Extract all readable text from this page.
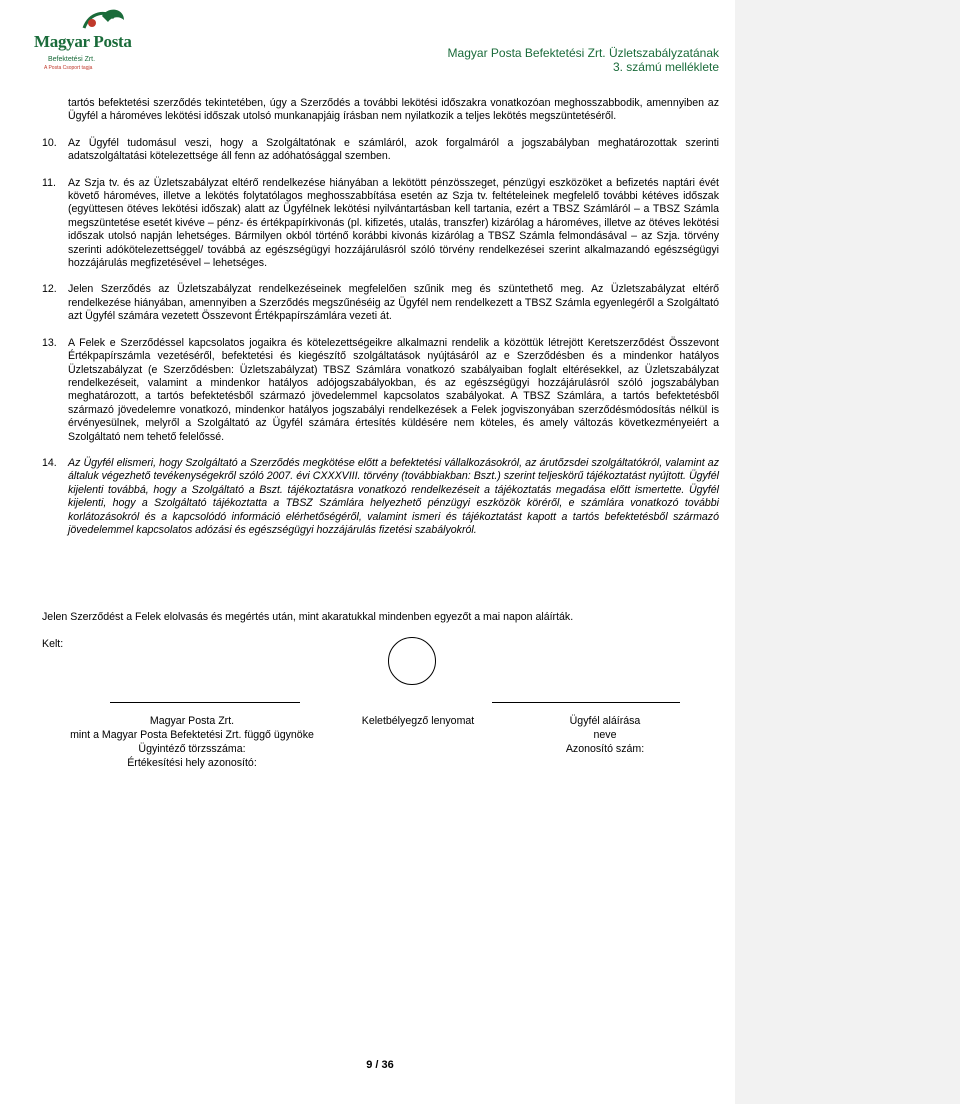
Magyar Posta
Befektetési Zrt.
A Posta Csoport tagja
Magyar Posta Befektetési Zrt. Üzletszabályzatának
3. számú melléklete

tartós befektetési szerződés tekintetében, úgy a Szerződés a további lekötési időszakra vonatkozóan meghosszabbodik, amennyiben az Ügyfél a hároméves lekötési időszak utolsó munkanapjáig írásban nem nyilatkozik a teljes lekötés megszüntetéséről.

10. Az Ügyfél tudomásul veszi, hogy a Szolgáltatónak e számláról, azok forgalmáról a jogszabályban meghatározottak szerinti adatszolgáltatási kötelezettsége áll fenn az adóhatósággal szemben.
11. Az Szja tv. és az Üzletszabályzat eltérő rendelkezése hiányában a lekötött pénzösszeget, pénzügyi eszközöket a befizetés naptári évét követő hároméves, illetve a lekötés folytatólagos meghosszabbítása esetén az Szja tv. feltételeinek megfelelő további kétéves időszak (együttesen ötéves lekötési időszak) alatt az Ügyfélnek lekötési nyilvántartásban kell tartania, ezért a TBSZ Számláról – a TBSZ Számla megszüntetése esetét kivéve – pénz- és értékpapírkivonás (pl. kifizetés, utalás, transzfer) kizárólag a hároméves, illetve az ötéves lekötési időszak utolsó napján lehetséges. Bármilyen okból történő korábbi kivonás kizárólag a TBSZ Számla felmondásával – az Szja. törvény szerinti adókötelezettséggel/ továbbá az egészségügyi hozzájárulásról szóló törvény rendelkezései szerint alkalmazandó egészségügyi hozzájárulás megfizetésével – lehetséges.
12. Jelen Szerződés az Üzletszabályzat rendelkezéseinek megfelelően szűnik meg és szüntethető meg. Az Üzletszabályzat eltérő rendelkezése hiányában, amennyiben a Szerződés megszűnéséig az Ügyfél nem rendelkezett a TBSZ Számla egyenlegéről a Szolgáltató azt Ügyfél számára vezetett Összevont Értékpapírszámlára vezeti át.
13. A Felek e Szerződéssel kapcsolatos jogaikra és kötelezettségeikre alkalmazni rendelik a közöttük létrejött Keretszerződést Összevont Értékpapírszámla vezetéséről, befektetési és kiegészítő szolgáltatások nyújtásáról az e Szerződésben és a mindenkor hatályos Üzletszabályzat (e Szerződésben: Üzletszabályzat) TBSZ Számlára vonatkozó szabályaiban foglalt eltérésekkel, az Üzletszabályzat rendelkezéseit, valamint a mindenkor hatályos adójogszabályokban, és az egészségügyi hozzájárulásról szóló jogszabályban meghatározott, a tartós befektetésből származó jövedelemmel kapcsolatos szabályokat. A TBSZ Számlára, a tartós befektetésből származó jövedelemre vonatkozó, mindenkor hatályos jogszabályi rendelkezések a Felek jogviszonyában szerződésmódosítás nélkül is érvényesülnek, melyről a Szolgáltató az Ügyfél számára értesítés küldésére nem köteles, és amely változás következményeiért a Szolgáltató nem tehető felelőssé.
14. Az Ügyfél elismeri, hogy Szolgáltató a Szerződés megkötése előtt a befektetési vállalkozásokról, az árutőzsdei szolgáltatókról, valamint az általuk végezhető tevékenységekről szóló 2007. évi CXXXVIII. törvény (továbbiakban: Bszt.) szerint teljeskörű tájékoztatást nyújtott. Ügyfél kijelenti továbbá, hogy a Szolgáltató a Bszt. tájékoztatásra vonatkozó rendelkezéseit a tájékoztatás megadása előtt ismertette. Ügyfél kijelenti, hogy a Szolgáltató tájékoztatta a TBSZ Számlára helyezhető pénzügyi eszközök köréről, e számlára vonatkozó további korlátozásokról és a kapcsolódó információ elérhetőségéről, valamint ismeri és tájékoztatást kapott a tartós befektetésből származó jövedelemmel kapcsolatos adózási és egészségügyi hozzájárulás fizetési szabályokról.
Jelen Szerződést a Felek elolvasás és megértés után, mint akaratukkal mindenben egyezőt a mai napon aláírták.
Kelt:
Magyar Posta Zrt.
mint a Magyar Posta Befektetési Zrt. függő ügynöke
Ügyintéző törzsszáma:
Értékesítési hely azonosító:
Keletbélyegző lenyomat	Ügyfél aláírása
neve
Azonosító szám:
9 / 36
